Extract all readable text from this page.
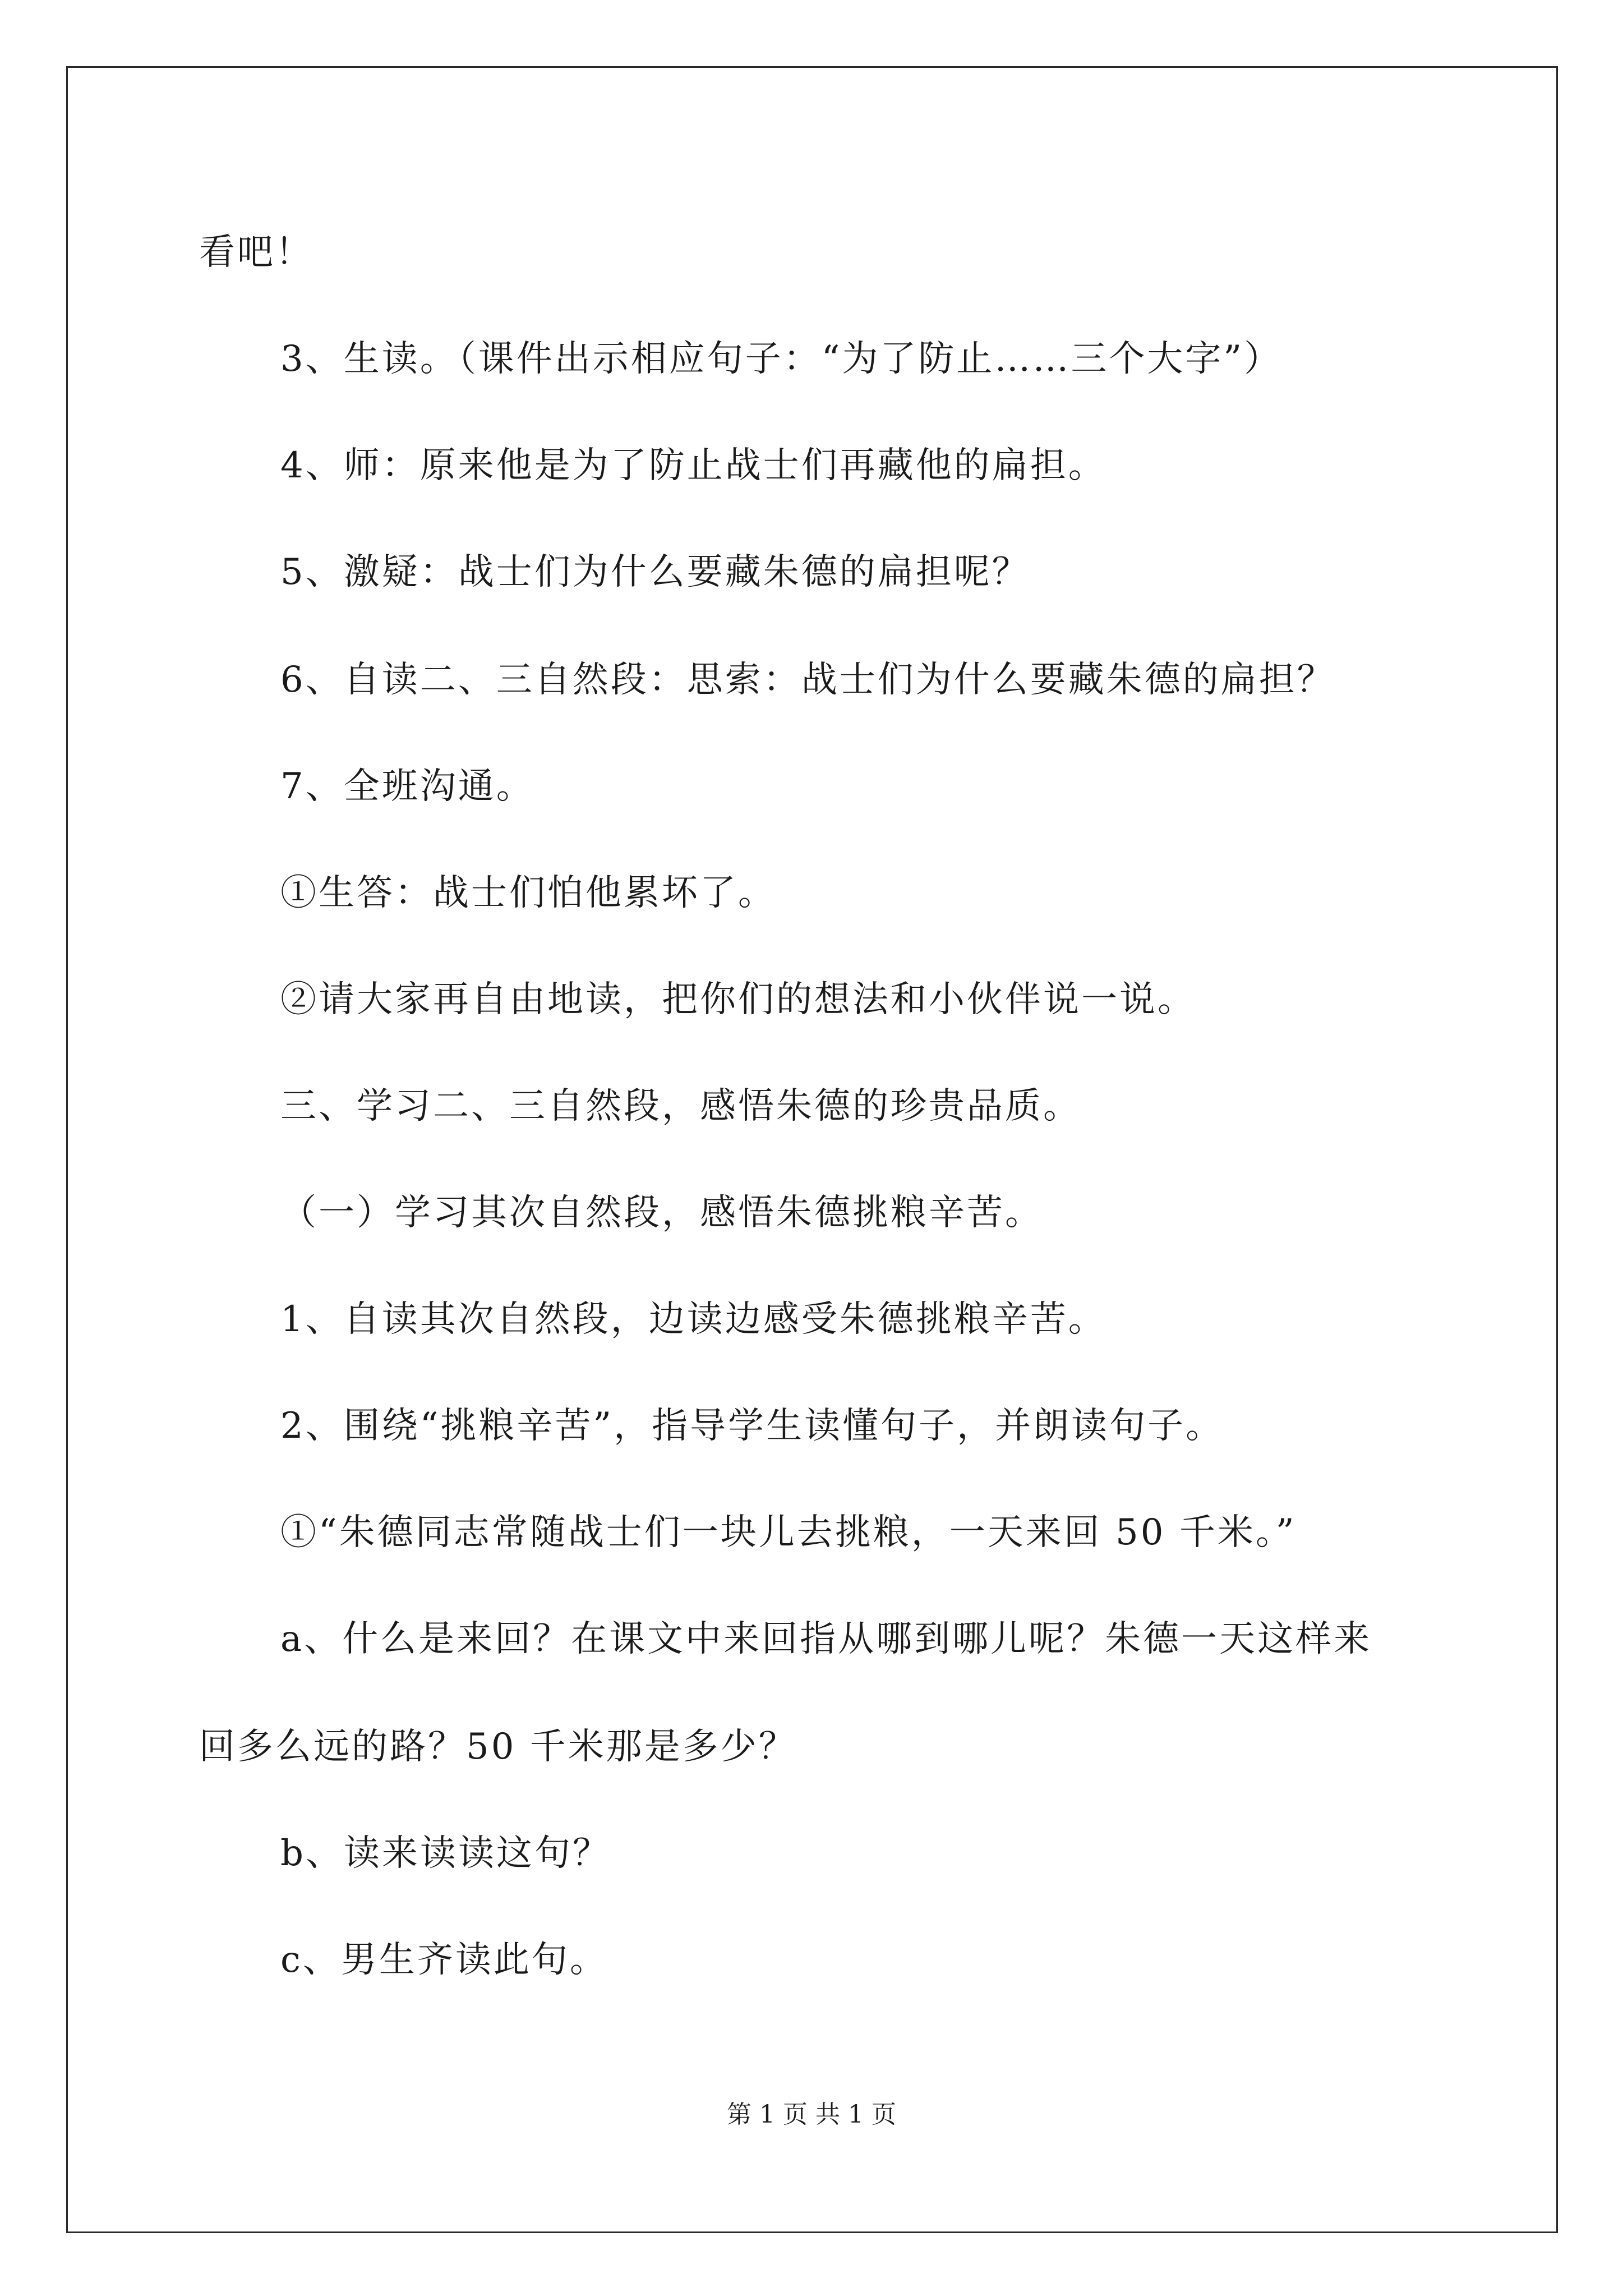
看吧！
3、生读。（课件出示相应句子：“为了防止……三个大字”）
4、师：原来他是为了防止战士们再藏他的扁担。
5、激疑：战士们为什么要藏朱德的扁担呢？
6、自读二、三自然段：思索：战士们为什么要藏朱德的扁担？
7、全班沟通。
①生答：战士们怕他累坏了。
②请大家再自由地读，把你们的想法和小伙伴说一说。
三、学习二、三自然段，感悟朱德的珍贵品质。
（一）学习其次自然段，感悟朱德挑粮辛苦。
1、自读其次自然段，边读边感受朱德挑粮辛苦。
2、围绕“挑粮辛苦”，指导学生读懂句子，并朗读句子。
①“朱德同志常随战士们一块儿去挑粮，一天来回 50 千米。”
a、什么是来回？在课文中来回指从哪到哪儿呢？朱德一天这样来
回多么远的路？50 千米那是多少？
b、读来读读这句？
c、男生齐读此句。
第 1 页 共 1 页
